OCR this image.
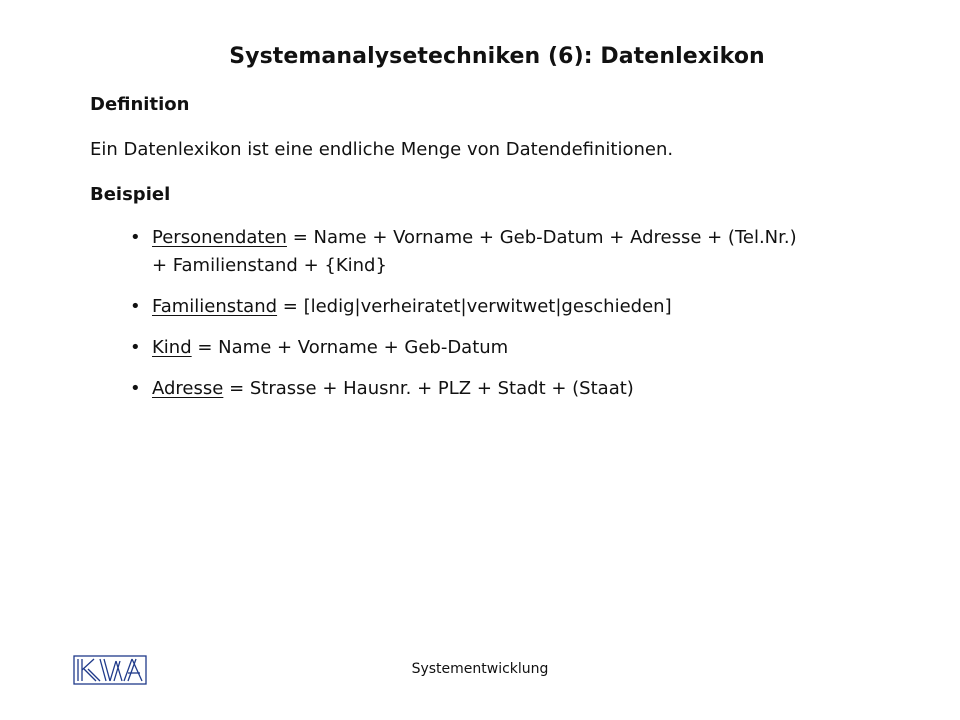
Systemanalysetechniken (6): Datenlexikon
Definition
Ein Datenlexikon ist eine endliche Menge von Datendefinitionen.
Beispiel
• Personendaten = Name + Vorname + Geb-Datum + Adresse + (Tel.Nr.)
+ Familienstand + {Kind}
• Familienstand = [ledig|verheiratet|verwitwet|geschieden]
• Kind = Name + Vorname + Geb-Datum
• Adresse = Strasse + Hausnr. + PLZ + Stadt + (Staat)
Systementwicklung
